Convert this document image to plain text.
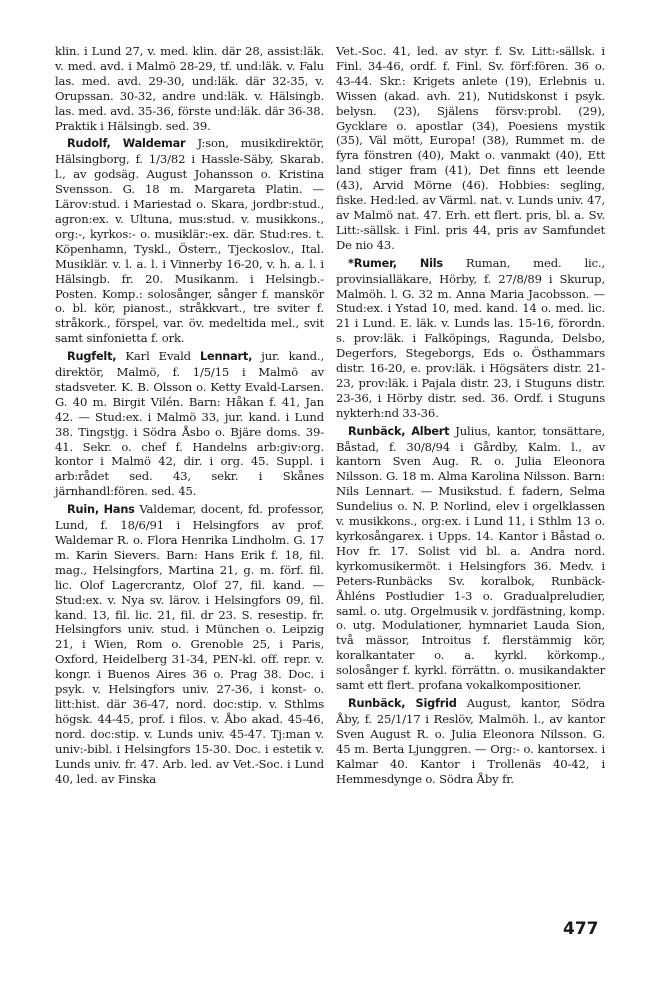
klin. i Lund 27, v. med. klin. där 28, assist:läk. v. med. avd. i Malmö 28-29, tf. und:läk. v. Falu las. med. avd. 29-30, und:läk. där 32-35, v. Orupssan. 30-32, andre und:läk. v. Hälsingb. las. med. avd. 35-36, förste und:läk. där 36-38. Praktik i Hälsingb. sed. 39.

Rudolf, Waldemar J:son, musikdirektör, Hälsingborg, f. 1/3/82 i Hassle-Säby, Skarab. l., av godsäg. August Johansson o. Kristina Svensson. G. 18 m. Margareta Platin. — Lärov:stud. i Mariestad o. Skara, jordbr:stud., agron:ex. v. Ultuna, mus:stud. v. musikkons., org:-, kyrkos:- o. musiklär:-ex. där. Stud:res. t. Köpenhamn, Tyskl., Österr., Tjeckoslov., Ital. Musiklär. v. l. a. l. i Vinnerby 16-20, v. h. a. l. i Hälsingb. fr. 20. Musikanm. i Helsingb.-Posten. Komp.: solosånger, sånger f. manskör o. bl. kör, pianost., stråkkvart., tre sviter f. stråkork., förspel, var. öv. medeltida mel., svit samt sinfonietta f. ork.

Rugfelt, Karl Evald Lennart, jur. kand., direktör, Malmö, f. 1/5/15 i Malmö av stadsveter. K. B. Olsson o. Ketty Evald-Larsen. G. 40 m. Birgit Vilén. Barn: Håkan f. 41, Jan 42. — Stud:ex. i Malmö 33, jur. kand. i Lund 38. Tingstjg. i Södra Åsbo o. Bjäre doms. 39-41. Sekr. o. chef f. Handelns arb:giv:org. kontor i Malmö 42, dir. i org. 45. Suppl. i arb:rådet sed. 43, sekr. i Skånes järnhandl:fören. sed. 45.

Ruin, Hans Valdemar, docent, fd. professor, Lund, f. 18/6/91 i Helsingfors av prof. Waldemar R. o. Flora Henrika Lindholm. G. 17 m. Karin Sievers. Barn: Hans Erik f. 18, fil. mag., Helsingfors, Martina 21, g. m. förf. fil. lic. Olof Lagercrantz, Olof 27, fil. kand. — Stud:ex. v. Nya sv. lärov. i Helsingfors 09, fil. kand. 13, fil. lic. 21, fil. dr 23. S. resestip. fr. Helsingfors univ. stud. i München o. Leipzig 21, i Wien, Rom o. Grenoble 25, i Paris, Oxford, Heidelberg 31-34, PEN-kl. off. repr. v. kongr. i Buenos Aires 36 o. Prag 38. Doc. i psyk. v. Helsingfors univ. 27-36, i konst- o. litt:hist. där 36-47, nord. doc:stip. v. Sthlms högsk. 44-45, prof. i filos. v. Åbo akad. 45-46, nord. doc:stip. v. Lunds univ. 45-47. Tj:man v. univ:-bibl. i Helsingfors 15-30. Doc. i estetik v. Lunds univ. fr. 47. Arb. led. av Vet.-Soc. i Lund 40, led. av Finska

Vet.-Soc. 41, led. av styr. f. Sv. Litt:-sällsk. i Finl. 34-46, ordf. f. Finl. Sv. förf:fören. 36 o. 43-44. Skr.: Krigets anlete (19), Erlebnis u. Wissen (akad. avh. 21), Nutidskonst i psyk. belysn. (23), Själens försv:probl. (29), Gycklare o. apostlar (34), Poesiens mystik (35), Väl mött, Europa! (38), Rummet m. de fyra fönstren (40), Makt o. vanmakt (40), Ett land stiger fram (41), Det finns ett leende (43), Arvid Mörne (46). Hobbies: segling, fiske. Hed:led. av Värml. nat. v. Lunds univ. 47, av Malmö nat. 47. Erh. ett flert. pris, bl. a. Sv. Litt:-sällsk. i Finl. pris 44, pris av Samfundet De nio 43.

*Rumer, Nils Ruman, med. lic., provinsialläkare, Hörby, f. 27/8/89 i Skurup, Malmöh. l. G. 32 m. Anna Maria Jacobsson. — Stud:ex. i Ystad 10, med. kand. 14 o. med. lic. 21 i Lund. E. läk. v. Lunds las. 15-16, förordn. s. prov:läk. i Falköpings, Ragunda, Delsbo, Degerfors, Stegeborgs, Eds o. Östhammars distr. 16-20, e. prov:läk. i Högsäters distr. 21-23, prov:läk. i Pajala distr. 23, i Stuguns distr. 23-36, i Hörby distr. sed. 36. Ordf. i Stuguns nykterh:nd 33-36.

Runbäck, Albert Julius, kantor, tonsättare, Båstad, f. 30/8/94 i Gårdby, Kalm. l., av kantorn Sven Aug. R. o. Julia Eleonora Nilsson. G. 18 m. Alma Karolina Nilsson. Barn: Nils Lennart. — Musikstud. f. fadern, Selma Sundelius o. N. P. Norlind, elev i orgelklassen v. musikkons., org:ex. i Lund 11, i Sthlm 13 o. kyrkosångarex. i Upps. 14. Kantor i Båstad o. Hov fr. 17. Solist vid bl. a. Andra nord. kyrkomusikermöt. i Helsingfors 36. Medv. i Peters-Runbäcks Sv. koralbok, Runbäck-Åhléns Postludier 1-3 o. Gradualpreludier, saml. o. utg. Orgelmusik v. jordfästning, komp. o. utg. Modulationer, hymnariet Lauda Sion, två mässor, Introitus f. flerstämmig kör, koralkantater o. a. kyrkl. körkomp., solosånger f. kyrkl. förrättn. o. musikandakter samt ett flert. profana vokalkompositioner.

Runbäck, Sigfrid August, kantor, Södra Åby, f. 25/1/17 i Reslöv, Malmöh. l., av kantor Sven August R. o. Julia Eleonora Nilsson. G. 45 m. Berta Ljunggren. — Org:- o. kantorsex. i Kalmar 40. Kantor i Trollenäs 40-42, i Hemmesdynge o. Södra Åby fr.

477
